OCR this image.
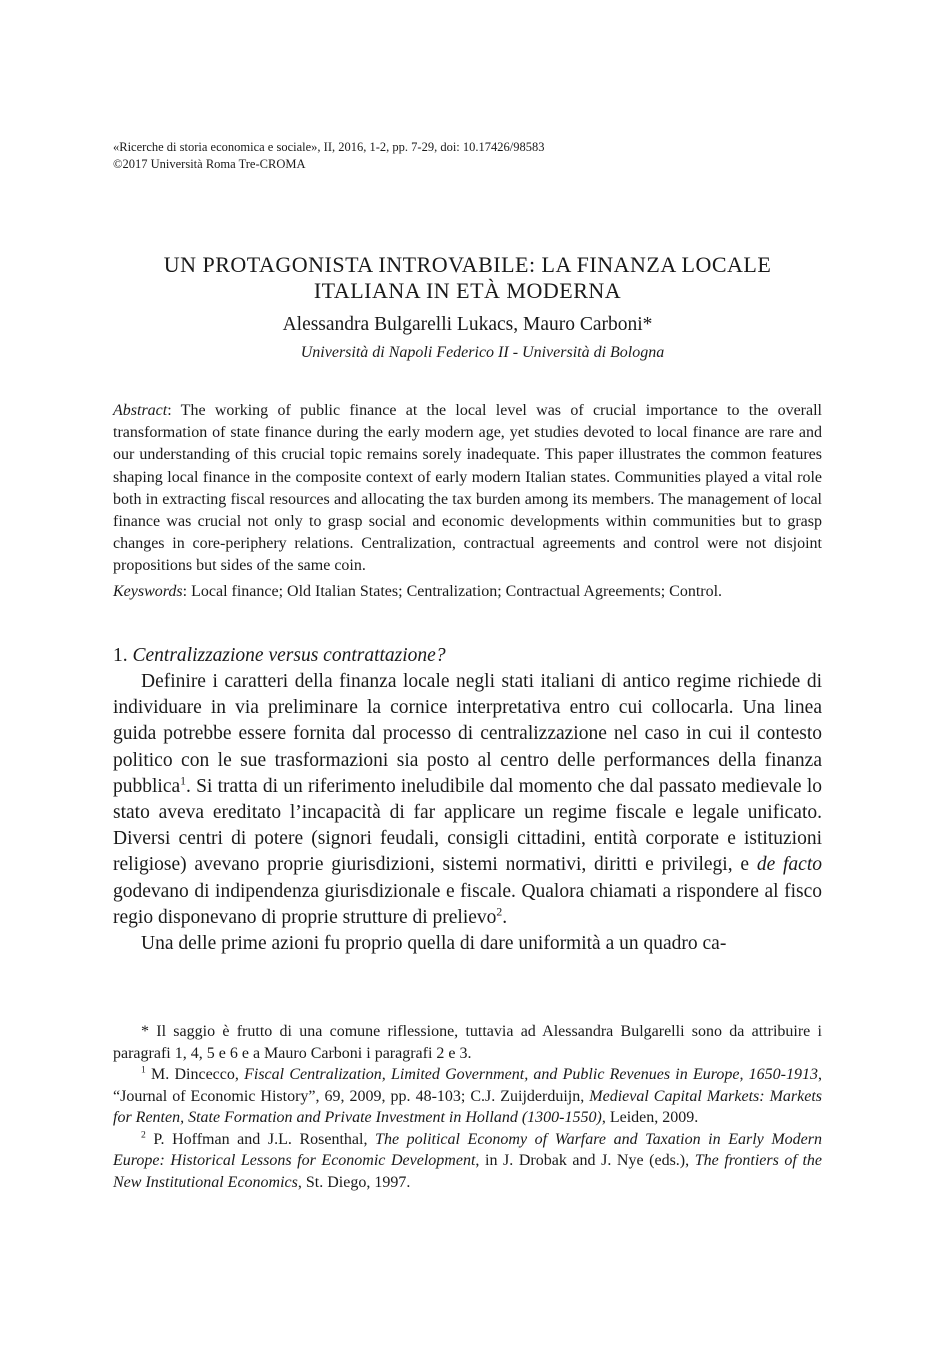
«Ricerche di storia economica e sociale», II, 2016, 1-2, pp. 7-29, doi: 10.17426/98583
©2017 Università Roma Tre-CROMA
UN PROTAGONISTA INTROVABILE: LA FINANZA LOCALE
ITALIANA IN ETÀ MODERNA
Alessandra Bulgarelli Lukacs, Mauro Carboni*
Università di Napoli Federico II - Università di Bologna

Abstract: The working of public finance at the local level was of crucial importance to the overall transformation of state finance during the early modern age, yet studies devoted to local finance are rare and our understanding of this crucial topic remains sorely inadequate. This paper illustrates the common features shaping local finance in the composite context of early modern Italian states. Communities played a vital role both in extracting fiscal resources and allocating the tax burden among its members. The management of local finance was crucial not only to grasp social and economic developments within communities but to grasp changes in core-periphery relations. Centralization, contractual agreements and control were not disjoint propositions but sides of the same coin.

Keyswords: Local finance; Old Italian States; Centralization; Contractual Agreements; Control.

1. Centralizzazione versus contrattazione?

Definire i caratteri della finanza locale negli stati italiani di antico regime richiede di individuare in via preliminare la cornice interpretativa entro cui collocarla. Una linea guida potrebbe essere fornita dal processo di centralizzazione nel caso in cui il contesto politico con le sue trasformazioni sia posto al centro delle performances della finanza pubblica$^1$. Si tratta di un riferimento ineludibile dal momento che dal passato medievale lo stato aveva ereditato l’incapacità di far applicare un regime fiscale e legale unificato. Diversi centri di potere (signori feudali, consigli cittadini, entità corporate e istituzioni religiose) avevano proprie giurisdizioni, sistemi normativi, diritti e privilegi, e de facto godevano di indipendenza giurisdizionale e fiscale. Qualora chiamati a rispondere al fisco regio disponevano di proprie strutture di prelievo$^2$.

Una delle prime azioni fu proprio quella di dare uniformità a un quadro ca-

* Il saggio è frutto di una comune riflessione, tuttavia ad Alessandra Bulgarelli sono da attribuire i paragrafi 1, 4, 5 e 6 e a Mauro Carboni i paragrafi 2 e 3.

$^1$ M. Dincecco, Fiscal Centralization, Limited Government, and Public Revenues in Europe, 1650-1913, “Journal of Economic History”, 69, 2009, pp. 48-103; C.J. Zuijderduijn, Medieval Capital Markets: Markets for Renten, State Formation and Private Investment in Holland (1300-1550), Leiden, 2009.

$^2$ P. Hoffman and J.L. Rosenthal, The political Economy of Warfare and Taxation in Early Modern Europe: Historical Lessons for Economic Development, in J. Drobak and J. Nye (eds.), The frontiers of the New Institutional Economics, St. Diego, 1997.
